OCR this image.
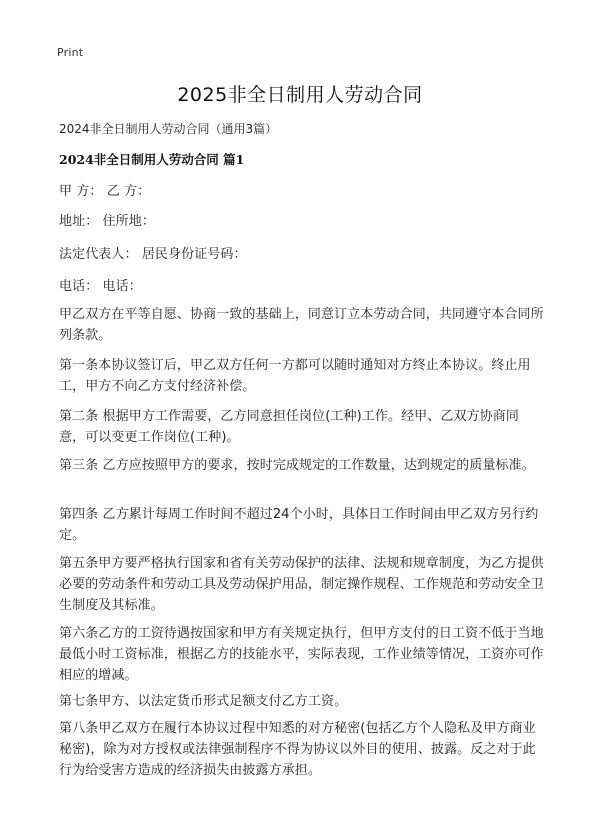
Print
2025非全日制用人劳动合同

2024非全日制用人劳动合同（通用3篇）

2024非全日制用人劳动合同 篇1

甲 方： 乙 方：

地址： 住所地：

法定代表人： 居民身份证号码：

电话： 电话：

甲乙双方在平等自愿、协商一致的基础上，同意订立本劳动合同，共同遵守本合同所列条款。

第一条本协议签订后，甲乙双方任何一方都可以随时通知对方终止本协议。终止用工，甲方不向乙方支付经济补偿。

第二条 根据甲方工作需要，乙方同意担任岗位(工种)工作。经甲、乙双方协商同意，可以变更工作岗位(工种)。

第三条 乙方应按照甲方的要求，按时完成规定的工作数量，达到规定的质量标准。

第四条 乙方累计每周工作时间不超过24个小时，具体日工作时间由甲乙双方另行约定。

第五条甲方要严格执行国家和省有关劳动保护的法律、法规和规章制度，为乙方提供必要的劳动条件和劳动工具及劳动保护用品，制定操作规程、工作规范和劳动安全卫生制度及其标准。

第六条乙方的工资待遇按国家和甲方有关规定执行，但甲方支付的日工资不低于当地最低小时工资标准，根据乙方的技能水平，实际表现，工作业绩等情况，工资亦可作相应的增减。

第七条甲方、以法定货币形式足额支付乙方工资。

第八条甲乙双方在履行本协议过程中知悉的对方秘密(包括乙方个人隐私及甲方商业秘密)，除为对方授权或法律强制程序不得为协议以外目的使用、披露。反之对于此行为给受害方造成的经济损失由披露方承担。
